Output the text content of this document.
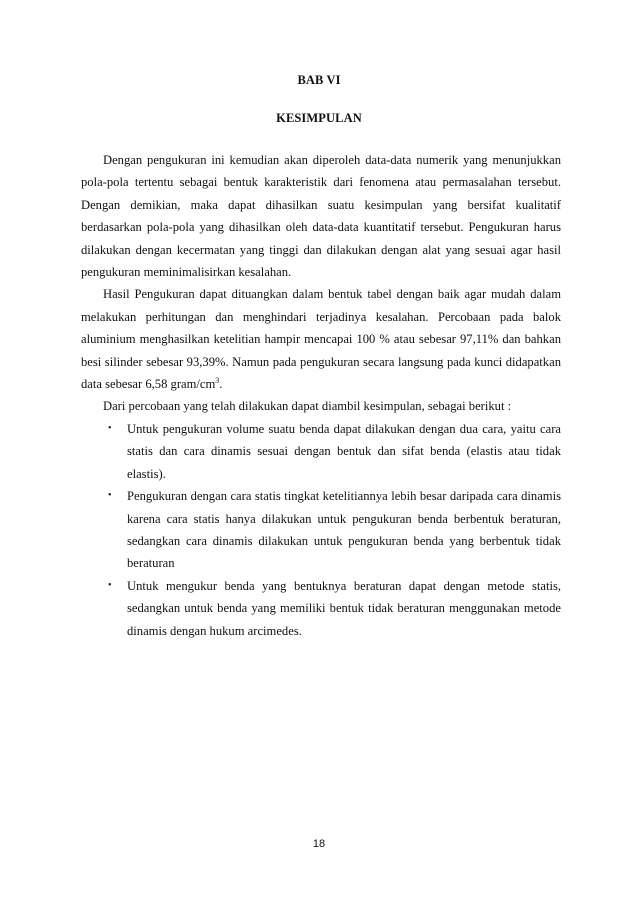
BAB VI
KESIMPULAN

Dengan pengukuran ini kemudian akan diperoleh data-data numerik yang menunjukkan pola-pola tertentu sebagai bentuk karakteristik dari fenomena atau permasalahan tersebut. Dengan demikian, maka dapat dihasilkan suatu kesimpulan yang bersifat kualitatif berdasarkan pola-pola yang dihasilkan oleh data-data kuantitatif tersebut. Pengukuran harus dilakukan dengan kecermatan yang tinggi dan dilakukan dengan alat yang sesuai agar hasil pengukuran meminimalisirkan kesalahan.

Hasil Pengukuran dapat dituangkan dalam bentuk tabel dengan baik agar mudah dalam melakukan perhitungan dan menghindari terjadinya kesalahan. Percobaan pada balok aluminium menghasilkan ketelitian hampir mencapai 100 % atau sebesar 97,11% dan bahkan besi silinder sebesar 93,39%. Namun pada pengukuran secara langsung pada kunci didapatkan data sebesar 6,58 gram/$cm^3$.

Dari percobaan yang telah dilakukan dapat diambil kesimpulan, sebagai berikut :

• Untuk pengukuran volume suatu benda dapat dilakukan dengan dua cara, yaitu cara statis dan cara dinamis sesuai dengan bentuk dan sifat benda (elastis atau tidak elastis).
• Pengukuran dengan cara statis tingkat ketelitiannya lebih besar daripada cara dinamis karena cara statis hanya dilakukan untuk pengukuran benda berbentuk beraturan, sedangkan cara dinamis dilakukan untuk pengukuran benda yang berbentuk tidak beraturan
• Untuk mengukur benda yang bentuknya beraturan dapat dengan metode statis, sedangkan untuk benda yang memiliki bentuk tidak beraturan menggunakan metode dinamis dengan hukum arcimedes.
18
